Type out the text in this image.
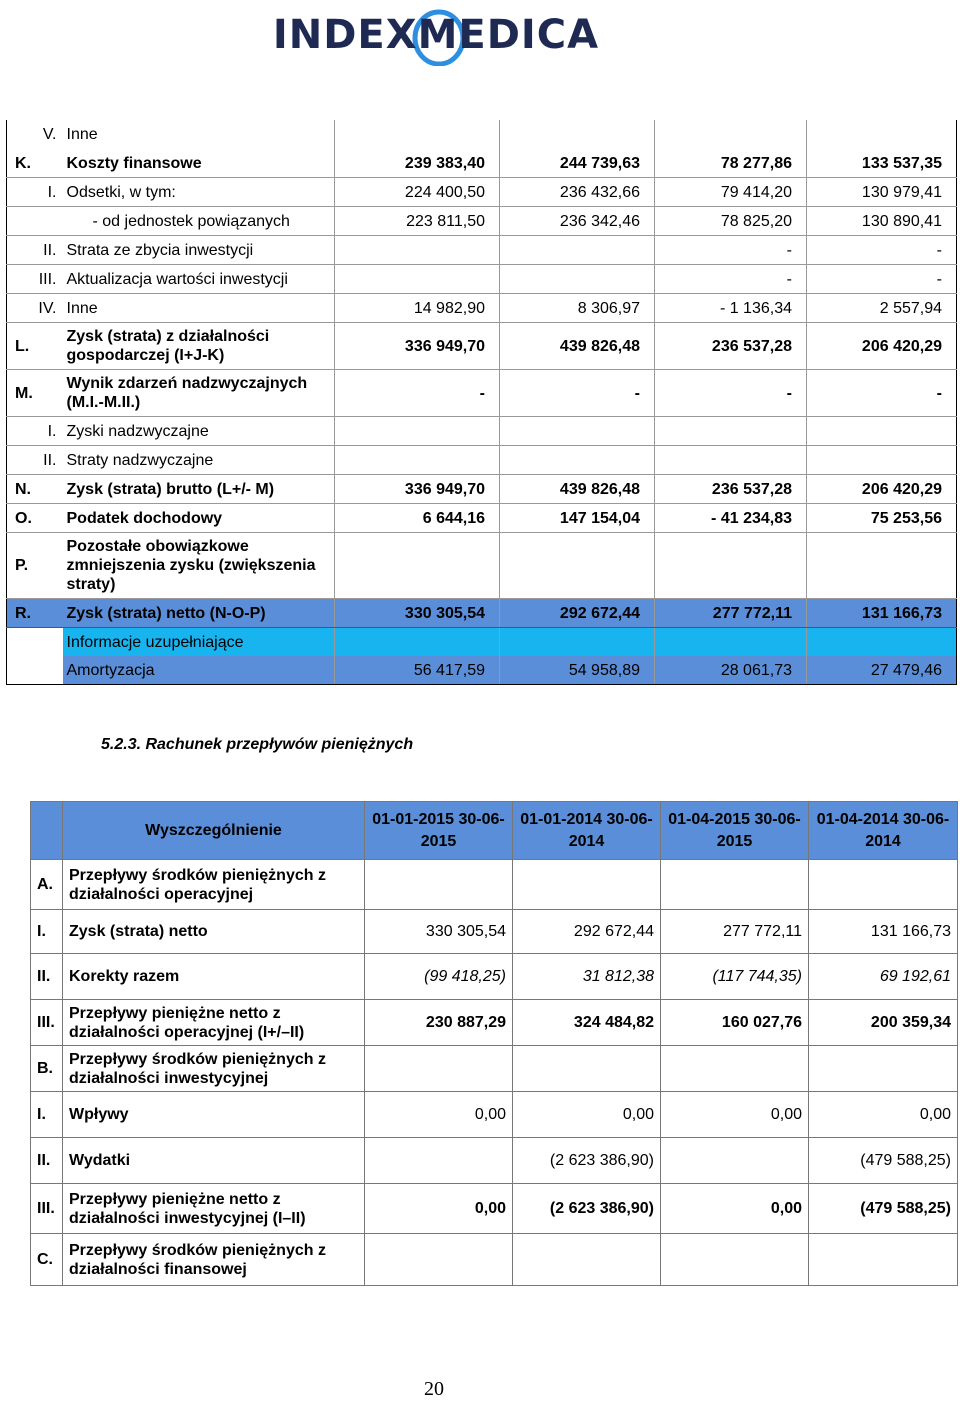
INDEXMEDICA
V.	Inne				
K.	Koszty finansowe	239 383,40	244 739,63	78 277,86	133 537,35
I.	Odsetki, w tym:	224 400,50	236 432,66	79 414,20	130 979,41
	- od jednostek powiązanych	223 811,50	236 342,46	78 825,20	130 890,41
II.	Strata ze zbycia inwestycji			-	-
III.	Aktualizacja wartości inwestycji			-	-
IV.	Inne	14 982,90	8 306,97	- 1 136,34	2 557,94
L.	Zysk (strata) z działalności gospodarczej (I+J-K)	336 949,70	439 826,48	236 537,28	206 420,29
M.	Wynik zdarzeń nadzwyczajnych (M.I.-M.II.)	-	-	-	-
I.	Zyski nadzwyczajne				
II.	Straty nadzwyczajne				
N.	Zysk (strata) brutto (L+/- M)	336 949,70	439 826,48	236 537,28	206 420,29
O.	Podatek dochodowy	6 644,16	147 154,04	- 41 234,83	75 253,56
P.	Pozostałe obowiązkowe zmniejszenia zysku (zwiększenia straty)				
R.	Zysk (strata) netto (N-O-P)	330 305,54	292 672,44	277 772,11	131 166,73
	Informacje uzupełniające				
	Amortyzacja	56 417,59	54 958,89	28 061,73	27 479,46
5.2.3. Rachunek przepływów pieniężnych
	Wyszczególnienie	01-01-2015 30-06-2015	01-01-2014 30-06-2014	01-04-2015 30-06-2015	01-04-2014 30-06-2014
A.	Przepływy środków pieniężnych z działalności operacyjnej				
I.	Zysk (strata) netto	330 305,54	292 672,44	277 772,11	131 166,73
II.	Korekty razem	(99 418,25)	31 812,38	(117 744,35)	69 192,61
III.	Przepływy pieniężne netto z działalności operacyjnej (I+/–II)	230 887,29	324 484,82	160 027,76	200 359,34
B.	Przepływy środków pieniężnych z działalności inwestycyjnej				
I.	Wpływy	0,00	0,00	0,00	0,00
II.	Wydatki		(2 623 386,90)		(479 588,25)
III.	Przepływy pieniężne netto z działalności inwestycyjnej (I–II)	0,00	(2 623 386,90)	0,00	(479 588,25)
C.	Przepływy środków pieniężnych z działalności finansowej				
20
